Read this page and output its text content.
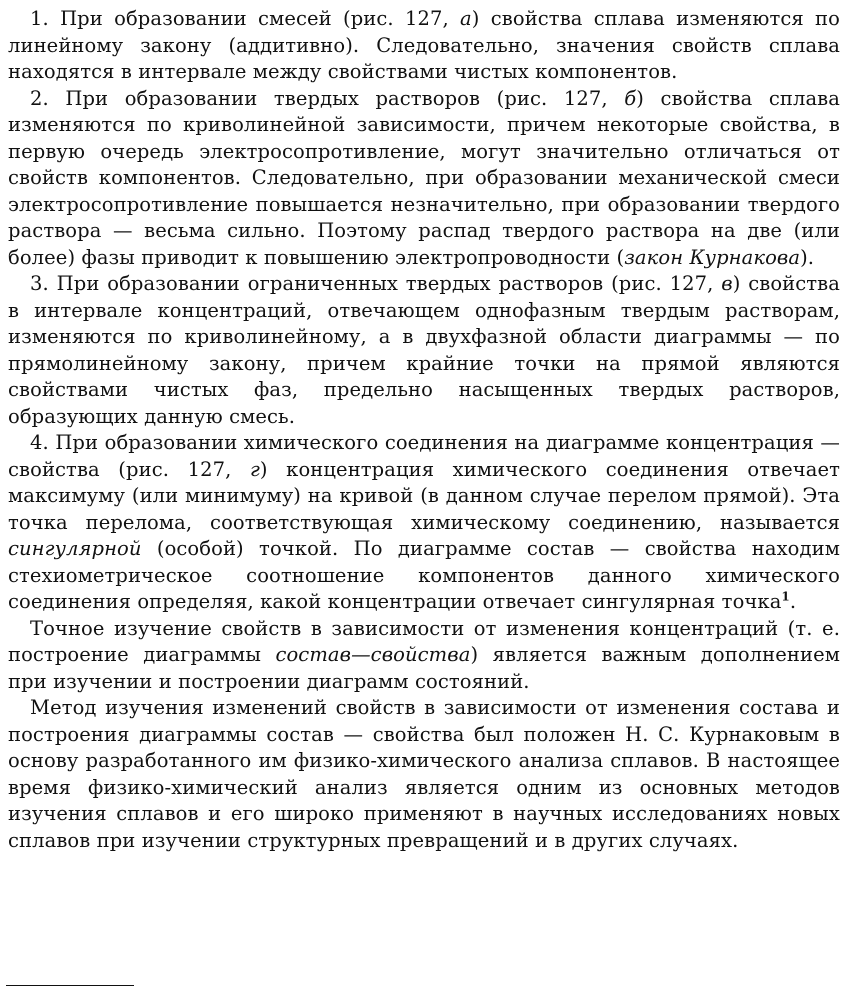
1. При образовании смесей (рис. 127, а) свойства сплава изменяются по линейному закону (аддитивно). Следовательно, значения свойств сплава находятся в интервале между свойствами чистых компонентов.

2. При образовании твердых растворов (рис. 127, б) свойства сплава изменяются по криволинейной зависимости, причем некоторые свойства, в первую очередь электросопротивление, могут значительно отличаться от свойств компонентов. Следовательно, при образовании механической смеси электросопротивление повышается незначительно, при образовании твердого раствора — весьма сильно. Поэтому распад твердого раствора на две (или более) фазы приводит к повышению электропроводности (закон Курнакова).

3. При образовании ограниченных твердых растворов (рис. 127, в) свойства в интервале концентраций, отвечающем однофазным твердым растворам, изменяются по криволинейному, а в двухфазной области диаграммы — по прямолинейному закону, причем крайние точки на прямой являются свойствами чистых фаз, предельно насыщенных твердых растворов, образующих данную смесь.

4. При образовании химического соединения на диаграмме концентрация — свойства (рис. 127, г) концентрация химического соединения отвечает максимуму (или минимуму) на кривой (в данном случае перелом прямой). Эта точка перелома, соответствующая химическому соединению, называется сингулярной (особой) точкой. По диаграмме состав — свойства находим стехиометрическое соотношение компонентов данного химического соединения определяя, какой концентрации отвечает сингулярная точка$^1$.

Точное изучение свойств в зависимости от изменения концентраций (т. е. построение диаграммы состав—свойства) является важным дополнением при изучении и построении диаграмм состояний.

Метод изучения изменений свойств в зависимости от изменения состава и построения диаграммы состав — свойства был положен Н. С. Курнаковым в основу разработанного им физико-химического анализа сплавов. В настоящее время физико-химический анализ является одним из основных методов изучения сплавов и его широко применяют в научных исследованиях новых сплавов при изучении структурных превращений и в других случаях.
